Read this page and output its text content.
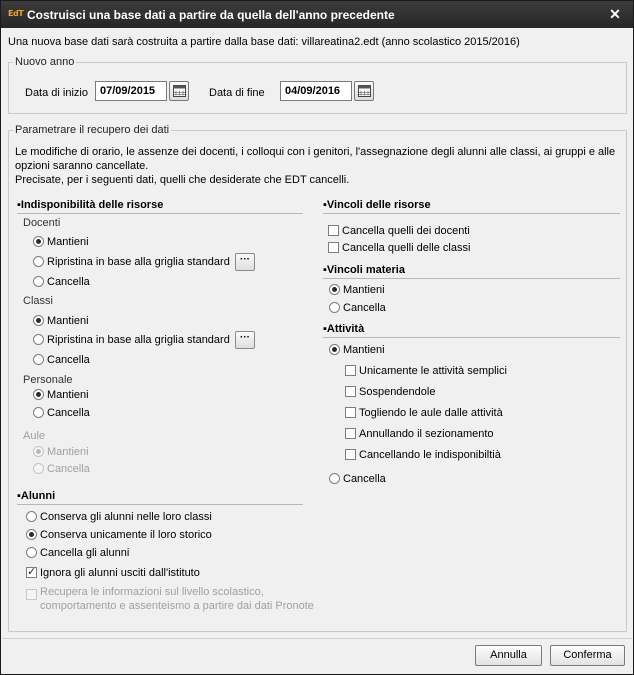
EdT Costruisci una base dati a partire da quella dell'anno precedente	✕
Una nuova base dati sarà costruita a partire dalla base dati: villareatina2.edt (anno scolastico 2015/2016)
Nuovo anno
Data di inizio	07/09/2015	Data di fine	04/09/2016
Parametrare il recupero dei dati
Le modifiche di orario, le assenze dei docenti, i colloqui con i genitori, l'assegnazione degli alunni alle classi, ai gruppi e alle
opzioni saranno cancellate.
Precisate, per i seguenti dati, quelli che desiderate che EDT cancelli.
▪Indisponibilità delle risorse
Docenti
Mantieni
Ripristina in base alla griglia standard	···
Cancella
Classi
Mantieni
Ripristina in base alla griglia standard	···
Cancella
Personale
Mantieni
Cancella
Aule
Mantieni
Cancella
▪Alunni
Conserva gli alunni nelle loro classi
Conserva unicamente il loro storico
Cancella gli alunni
✓
Ignora gli alunni usciti dall'istituto
Recupera le informazioni sul livello scolastico,
comportamento e assenteismo a partire dai dati Pronote
▪Vincoli delle risorse
Cancella quelli dei docenti
Cancella quelli delle classi
▪Vincoli materia
Mantieni
Cancella
▪Attività
Mantieni
Unicamente le attività semplici
Sospendendole
Togliendo le aule dalle attività
Annullando il sezionamento
Cancellando le indisponibiltià
Cancella
Annulla	Conferma
